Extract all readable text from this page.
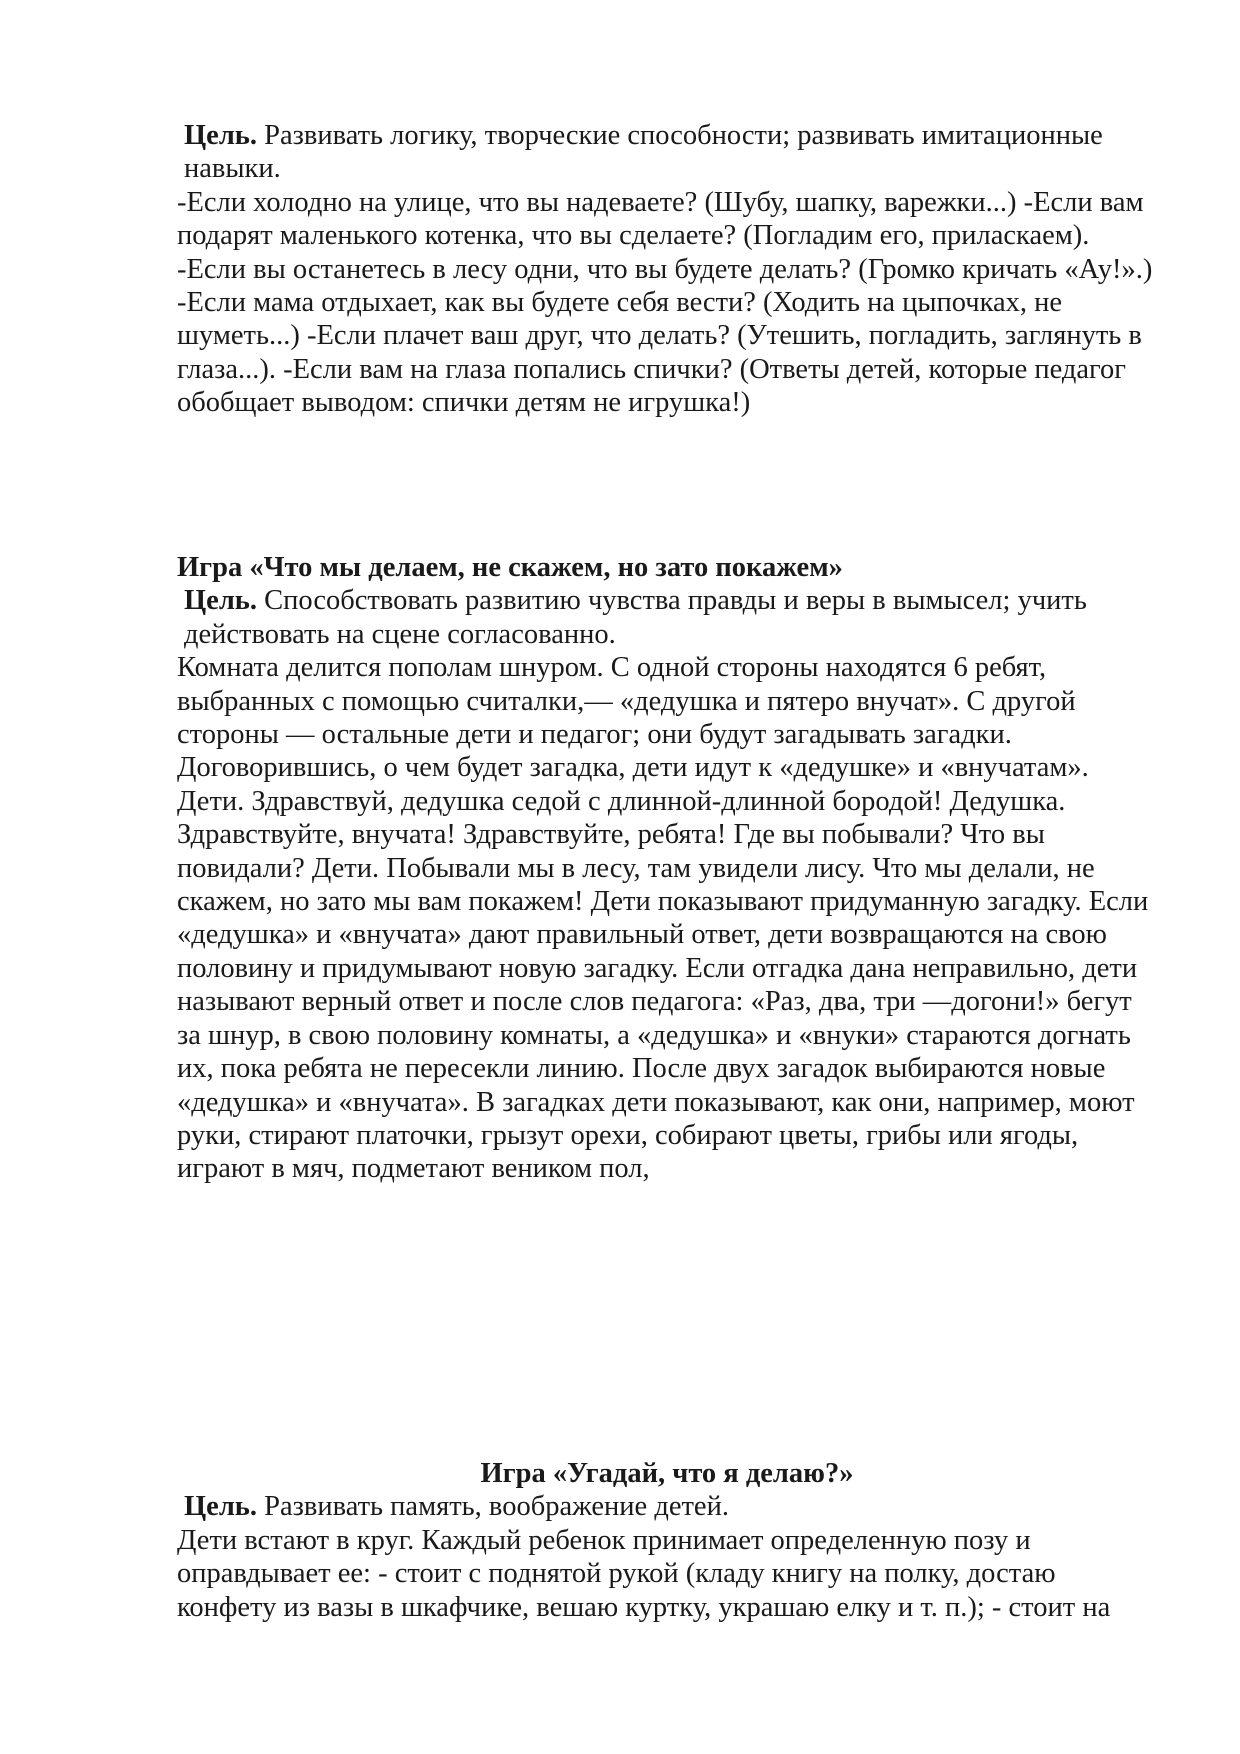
Цель. Развивать логику, творческие способности; развивать имитационные навыки.

-Если холодно на улице, что вы надеваете? (Шубу, шапку, варежки...) -Если вам подарят маленького котенка, что вы сделаете? (Погладим его, приласкаем). -Если вы останетесь в лесу одни, что вы будете делать? (Громко кричать «Ау!».) -Если мама отдыхает, как вы будете себя вести? (Ходить на цыпочках, не шуметь...) -Если плачет ваш друг, что делать? (Утешить, погладить, заглянуть в глаза...). -Если вам на глаза попались спички? (Ответы детей, которые педагог обобщает выводом: спички детям не игрушка!)

Игра «Что мы делаем, не скажем, но зато покажем»

Цель. Способствовать развитию чувства правды и веры в вымысел; учить действовать на сцене согласованно.

Комната делится пополам шнуром. С одной стороны находятся 6 ребят, выбранных с помощью считалки,— «дедушка и пятеро внучат». С другой стороны — остальные дети и педагог; они будут загадывать загадки. Договорившись, о чем будет загадка, дети идут к «дедушке» и «внучатам». Дети. Здравствуй, дедушка седой с длинной-длинной бородой! Дедушка. Здравствуйте, внучата! Здравствуйте, ребята! Где вы побывали? Что вы повидали? Дети. Побывали мы в лесу, там увидели лису. Что мы делали, не скажем, но зато мы вам покажем! Дети показывают придуманную загадку. Если «дедушка» и «внучата» дают правильный ответ, дети возвращаются на свою половину и придумывают новую загадку. Если отгадка дана неправильно, дети называют верный ответ и после слов педагога: «Раз, два, три —догони!» бегут за шнур, в свою половину комнаты, а «дедушка» и «внуки» стараются догнать их, пока ребята не пересекли линию. После двух загадок выбираются новые «дедушка» и «внучата». В загадках дети показывают, как они, например, моют руки, стирают платочки, грызут орехи, собирают цветы, грибы или ягоды, играют в мяч, подметают веником пол,

Игра «Угадай, что я делаю?»

Цель. Развивать память, воображение детей.

Дети встают в круг. Каждый ребенок принимает определенную позу и оправдывает ее: - стоит с поднятой рукой (кладу книгу на полку, достаю конфету из вазы в шкафчике, вешаю куртку, украшаю елку и т. п.); - стоит на
